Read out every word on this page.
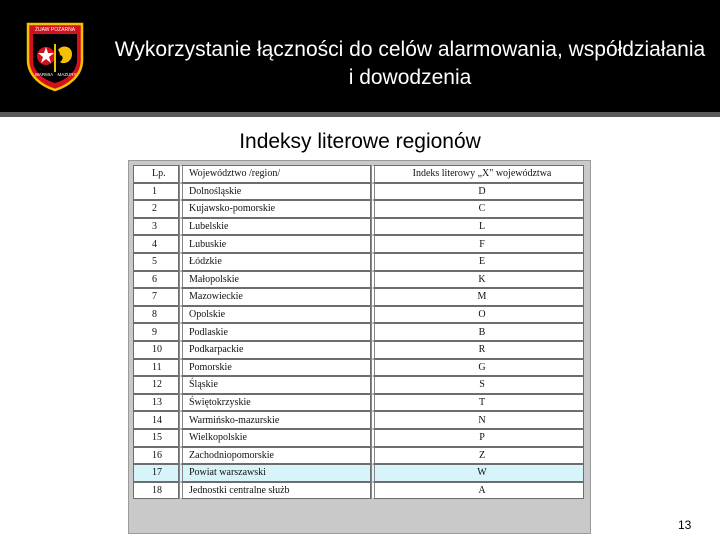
ŻUAW POŻARNA
WARMIA MAZURY
Wykorzystanie łączności do celów alarmowania, współdziałania i dowodzenia
Indeksy literowe regionów
Lp.	Województwo /region/	Indeks literowy „X" województwa
1	Dolnośląskie	D
2	Kujawsko-pomorskie	C
3	Lubelskie	L
4	Lubuskie	F
5	Łódzkie	E
6	Małopolskie	K
7	Mazowieckie	M
8	Opolskie	O
9	Podlaskie	B
10	Podkarpackie	R
11	Pomorskie	G
12	Śląskie	S
13	Świętokrzyskie	T
14	Warmińsko-mazurskie	N
15	Wielkopolskie	P
16	Zachodniopomorskie	Z
17	Powiat warszawski	W
18	Jednostki centralne służb	A
13
